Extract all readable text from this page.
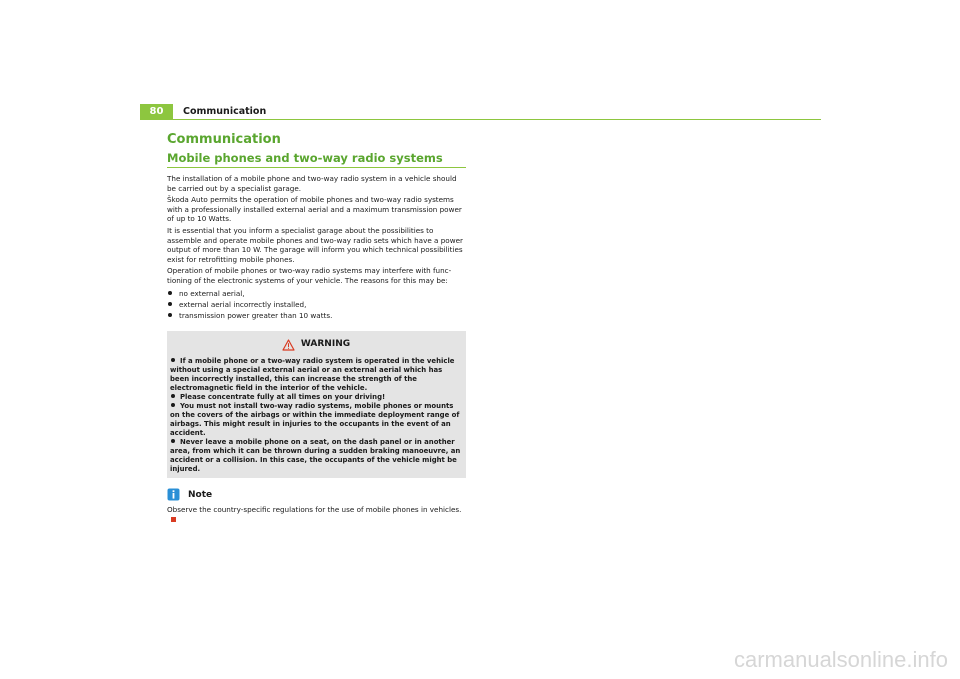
80	Communication
Communication
Mobile phones and two-way radio systems

The installation of a mobile phone and two-way radio system in a vehicle should be carried out by a specialist garage.

Škoda Auto permits the operation of mobile phones and two-way radio systems with a professionally installed external aerial and a maximum transmission power of up to 10 Watts.

It is essential that you inform a specialist garage about the possibilities to assemble and operate mobile phones and two-way radio sets which have a power output of more than 10 W. The garage will inform you which technical possibilities exist for retrofitting mobile phones.

Operation of mobile phones or two-way radio systems may interfere with func-tioning of the electronic systems of your vehicle. The reasons for this may be:

no external aerial,
external aerial incorrectly installed,
transmission power greater than 10 watts.
WARNING
If a mobile phone or a two-way radio system is operated in the vehicle without using a special external aerial or an external aerial which has been incorrectly installed, this can increase the strength of the electromagnetic field in the interior of the vehicle.
Please concentrate fully at all times on your driving!
You must not install two-way radio systems, mobile phones or mounts on the covers of the airbags or within the immediate deployment range of airbags. This might result in injuries to the occupants in the event of an accident.
Never leave a mobile phone on a seat, on the dash panel or in another area, from which it can be thrown during a sudden braking manoeuvre, an accident or a collision. In this case, the occupants of the vehicle might be injured.
Note
Observe the country-specific regulations for the use of mobile phones in vehicles.
carmanualsonline.info
